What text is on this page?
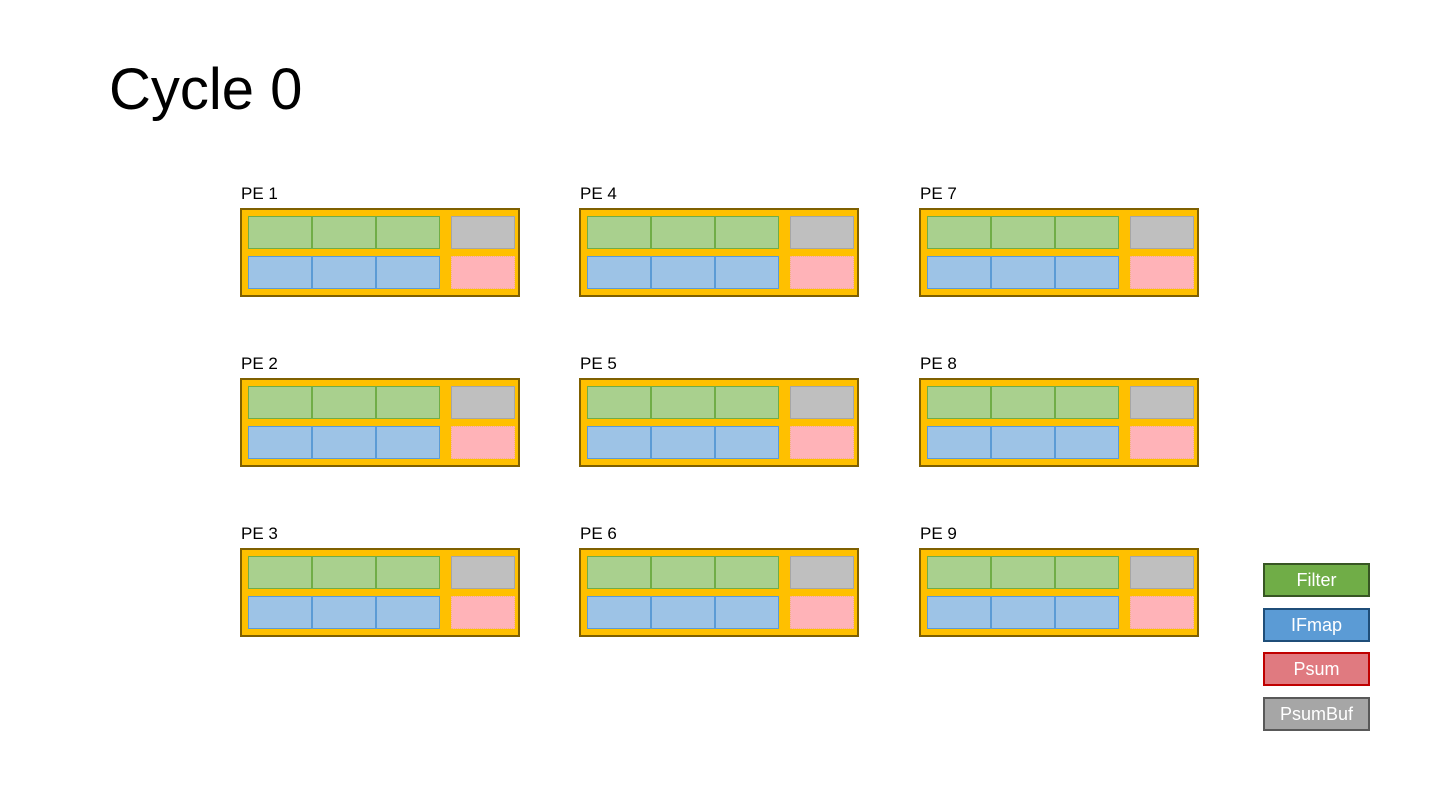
Cycle 0
PE 1
PE 2
PE 3
PE 4
PE 5
PE 6
PE 7
PE 8
PE 9
Filter
IFmap
Psum
PsumBuf
